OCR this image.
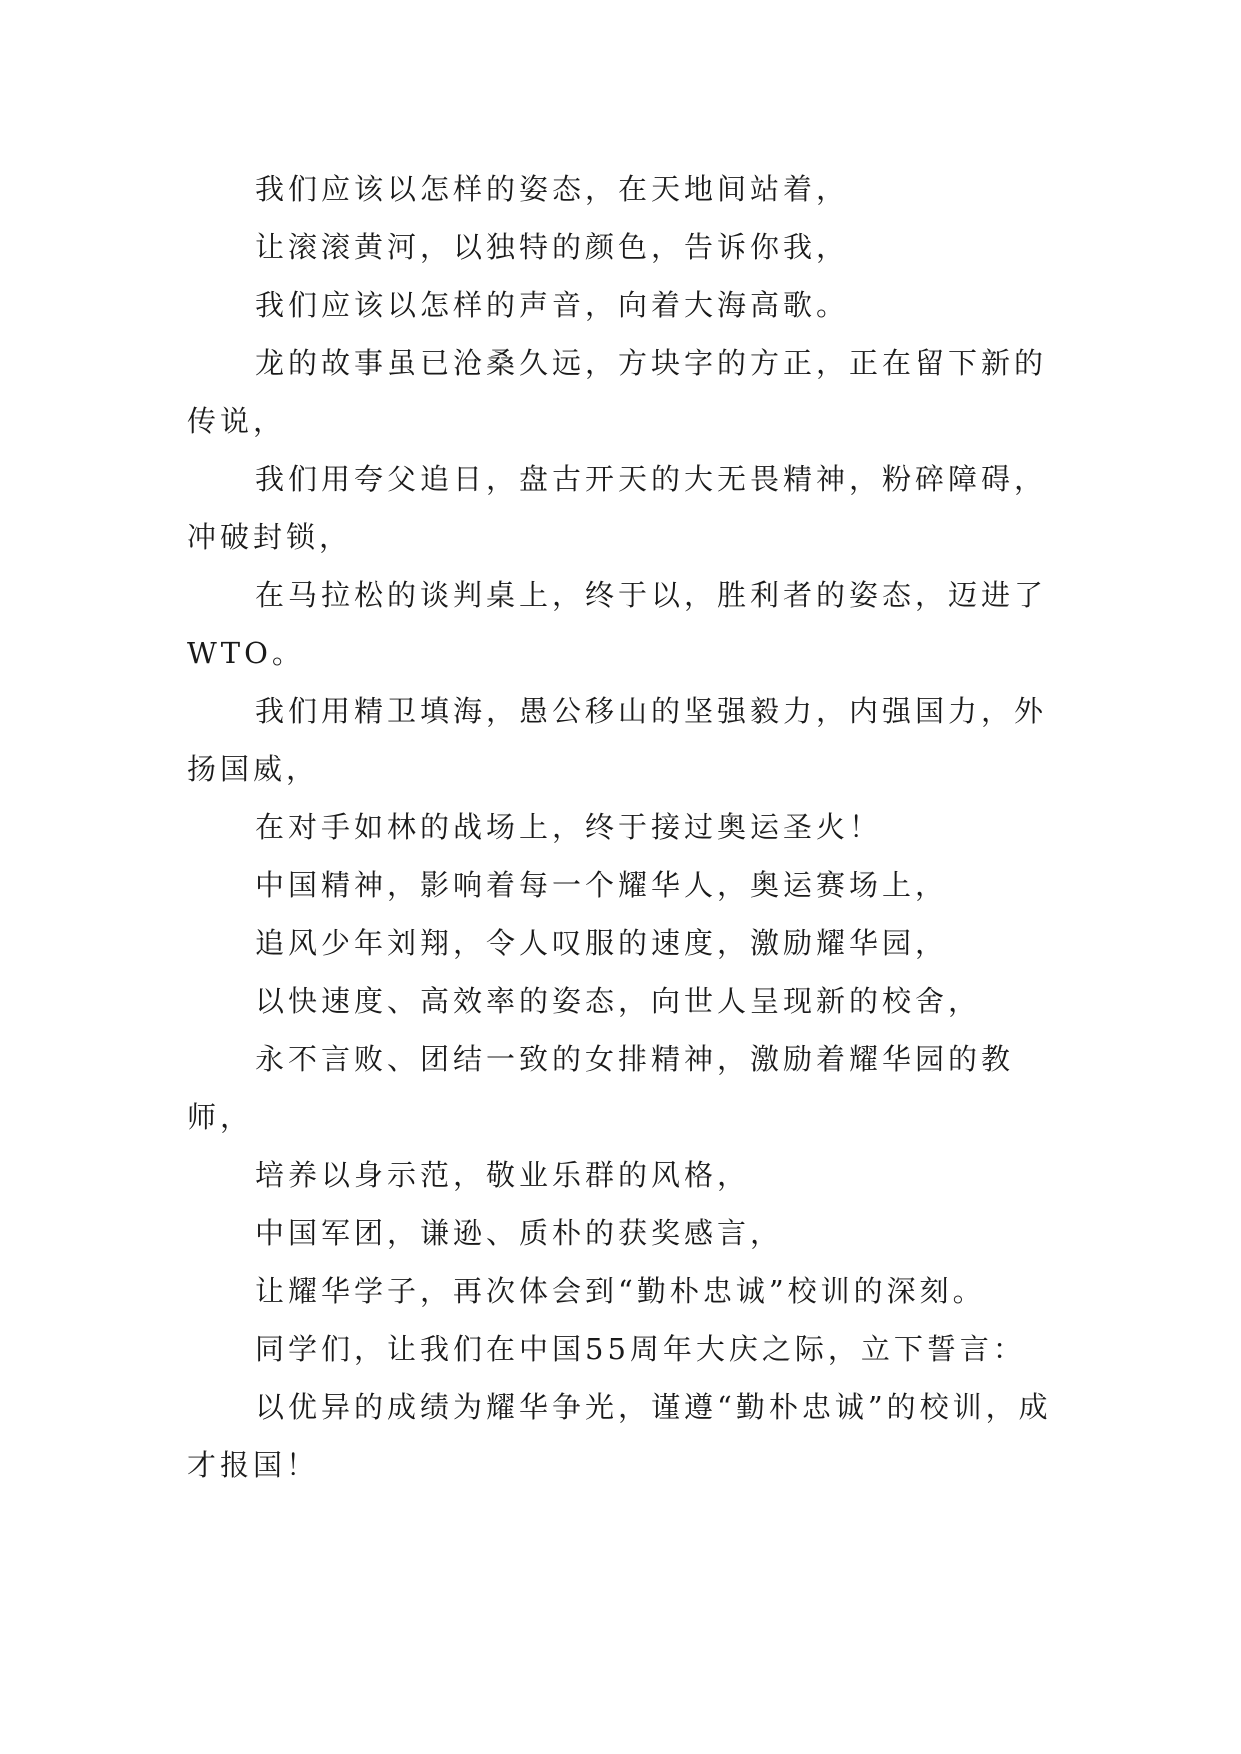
我们应该以怎样的姿态，在天地间站着，

让滚滚黄河，以独特的颜色，告诉你我，

我们应该以怎样的声音，向着大海高歌。

龙的故事虽已沧桑久远，方块字的方正，正在留下新的传说，

我们用夸父追日，盘古开天的大无畏精神，粉碎障碍，冲破封锁，

在马拉松的谈判桌上，终于以，胜利者的姿态，迈进了WTO。

我们用精卫填海，愚公移山的坚强毅力，内强国力，外扬国威，

在对手如林的战场上，终于接过奥运圣火！

中国精神，影响着每一个耀华人，奥运赛场上，

追风少年刘翔，令人叹服的速度，激励耀华园，

以快速度、高效率的姿态，向世人呈现新的校舍，

永不言败、团结一致的女排精神，激励着耀华园的教师，

培养以身示范，敬业乐群的风格，

中国军团，谦逊、质朴的获奖感言，

让耀华学子，再次体会到“勤朴忠诚”校训的深刻。

同学们，让我们在中国55周年大庆之际，立下誓言：

以优异的成绩为耀华争光，谨遵“勤朴忠诚”的校训，成才报国！
